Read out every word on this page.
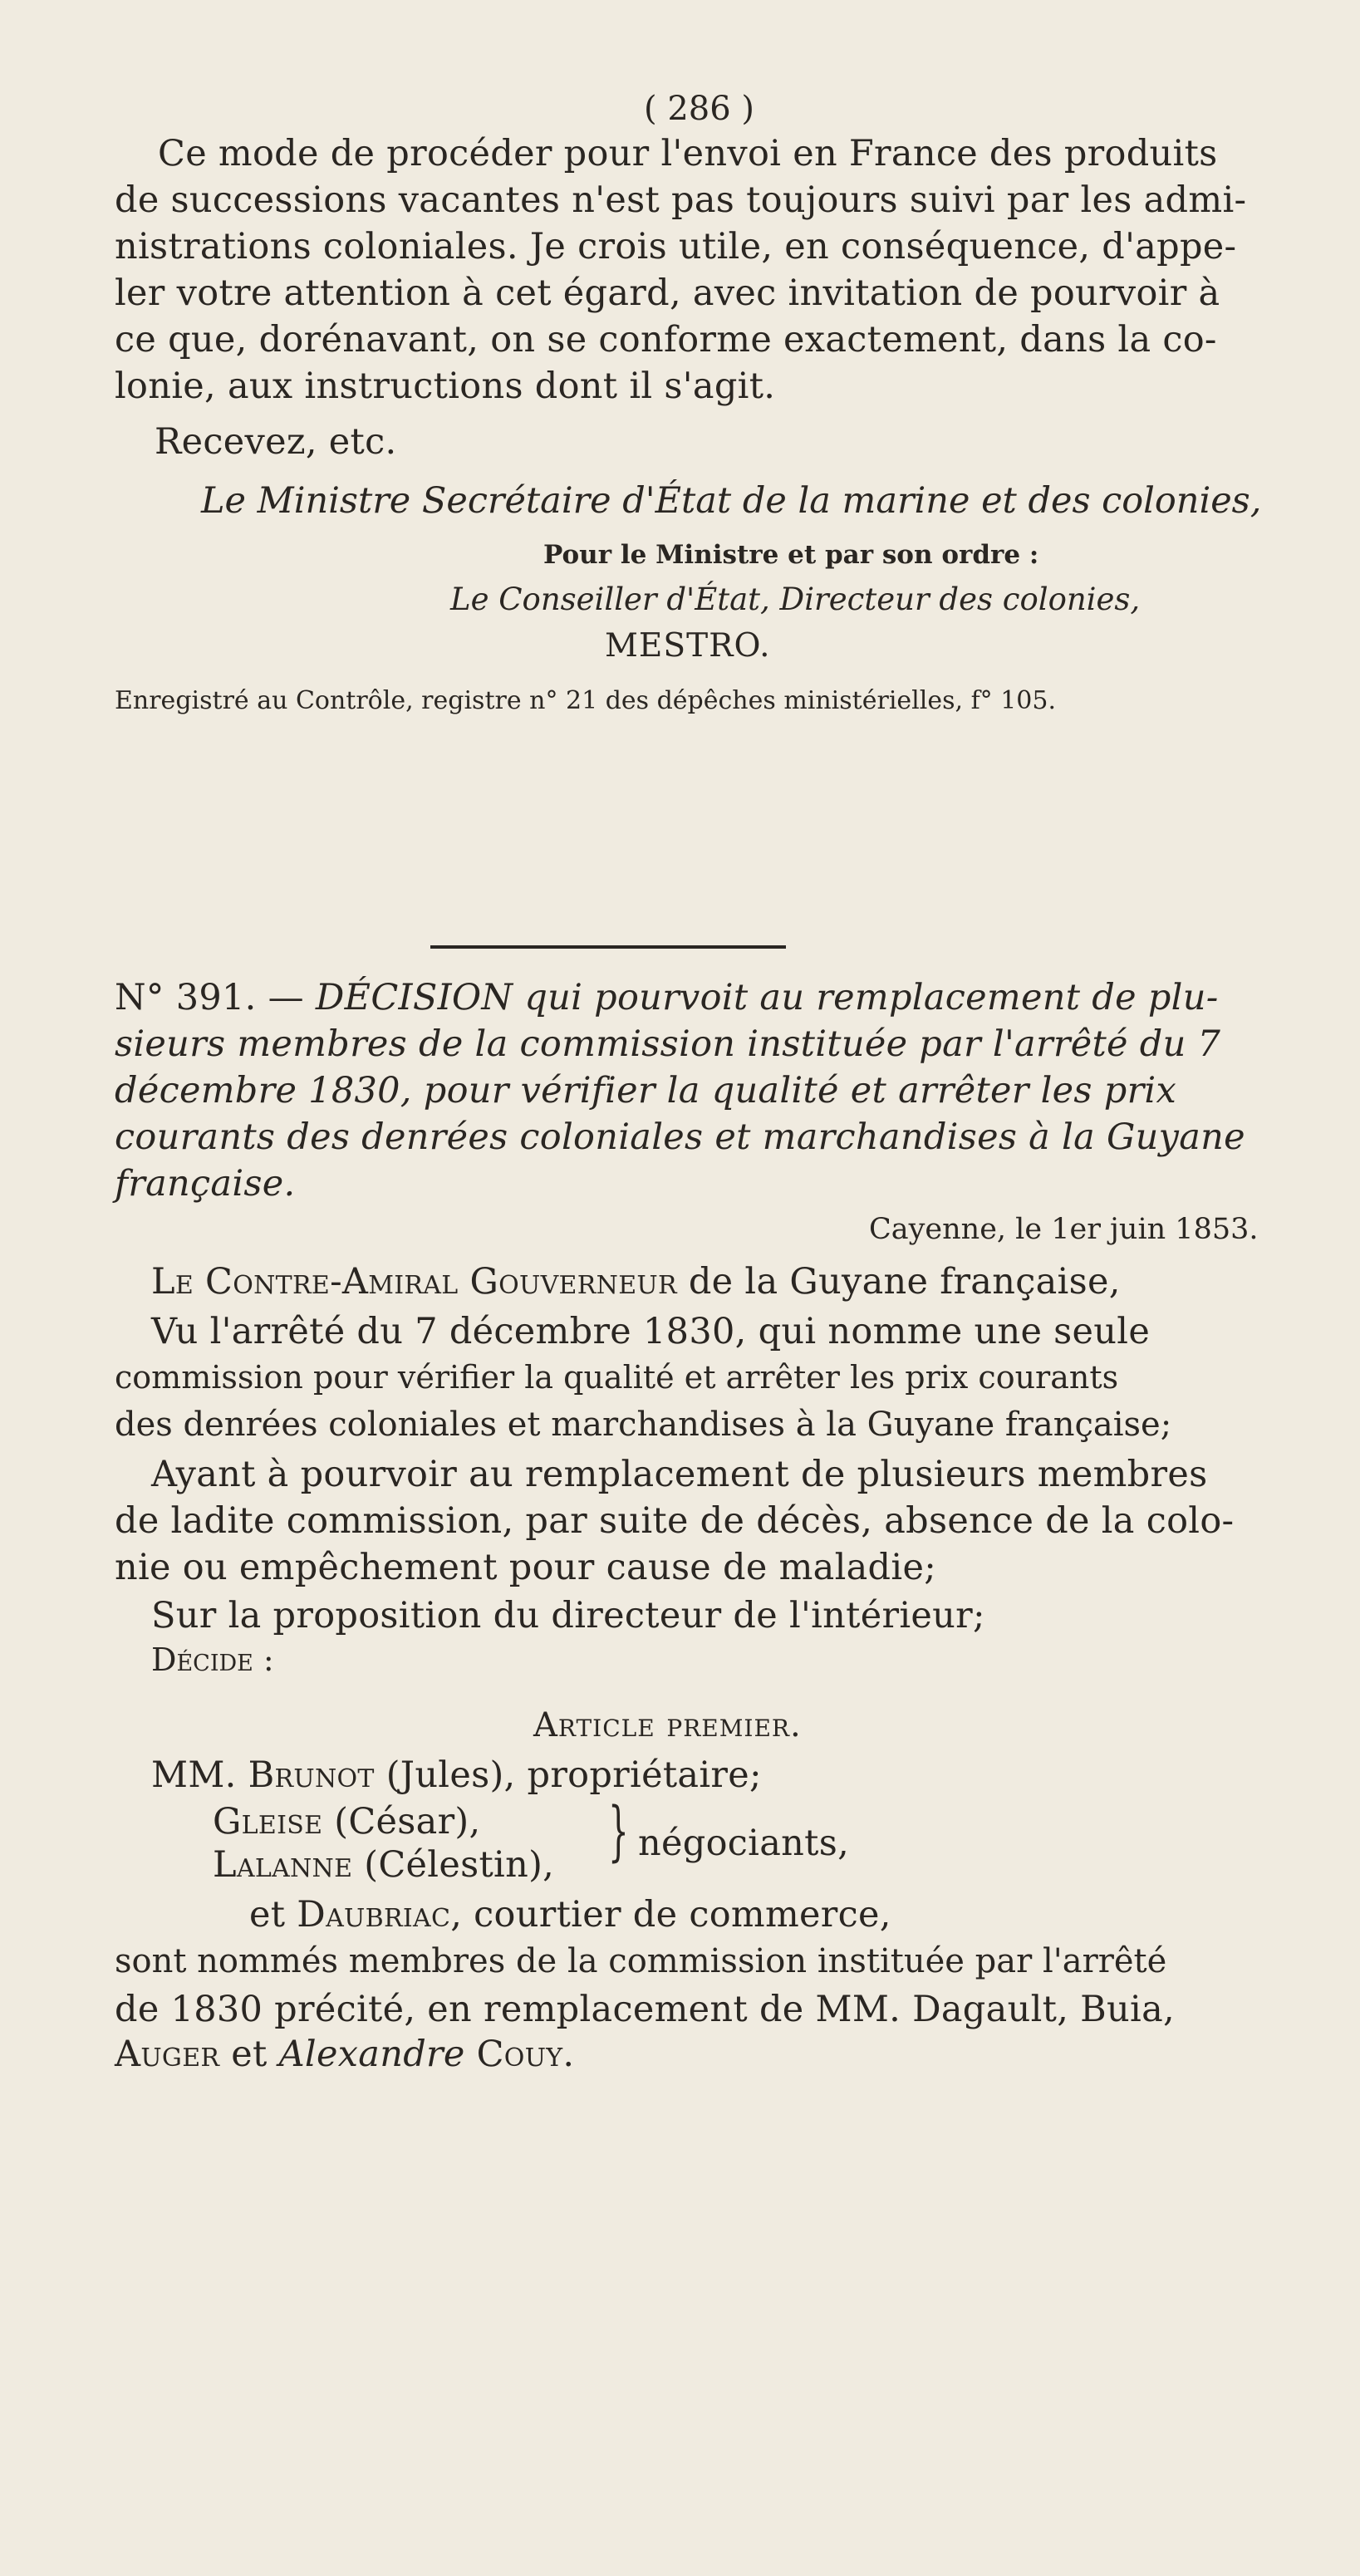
( 286 )
Ce mode de procéder pour l'envoi en France des produits
de successions vacantes n'est pas toujours suivi par les admi-
nistrations coloniales. Je crois utile, en conséquence, d'appe-
ler votre attention à cet égard, avec invitation de pourvoir à
ce que, dorénavant, on se conforme exactement, dans la co-
lonie, aux instructions dont il s'agit.
Recevez, etc.
Le Ministre Secrétaire d'État de la marine et des colonies,
Pour le Ministre et par son ordre :
Le Conseiller d'État, Directeur des colonies,
MESTRO.
Enregistré au Contrôle, registre n° 21 des dépêches ministérielles, f° 105.
N° 391. — DÉCISION qui pourvoit au remplacement de plu-
sieurs membres de la commission instituée par l'arrêté du 7
décembre 1830, pour vérifier la qualité et arrêter les prix
courants des denrées coloniales et marchandises à la Guyane
française.
Cayenne, le 1er juin 1853.
Le Contre-Amiral Gouverneur de la Guyane française,
Vu l'arrêté du 7 décembre 1830, qui nomme une seule
commission pour vérifier la qualité et arrêter les prix courants
des denrées coloniales et marchandises à la Guyane française;
Ayant à pourvoir au remplacement de plusieurs membres
de ladite commission, par suite de décès, absence de la colo-
nie ou empêchement pour cause de maladie;
Sur la proposition du directeur de l'intérieur;
Décide :
Article premier.
MM. Brunot (Jules), propriétaire;
Gleise (César),
Lalanne (Célestin), } négociants,
et Daubriac, courtier de commerce,
sont nommés membres de la commission instituée par l'arrêté
de 1830 précité, en remplacement de MM. Dagault, Buia,
Auger et Alexandre Couy.
